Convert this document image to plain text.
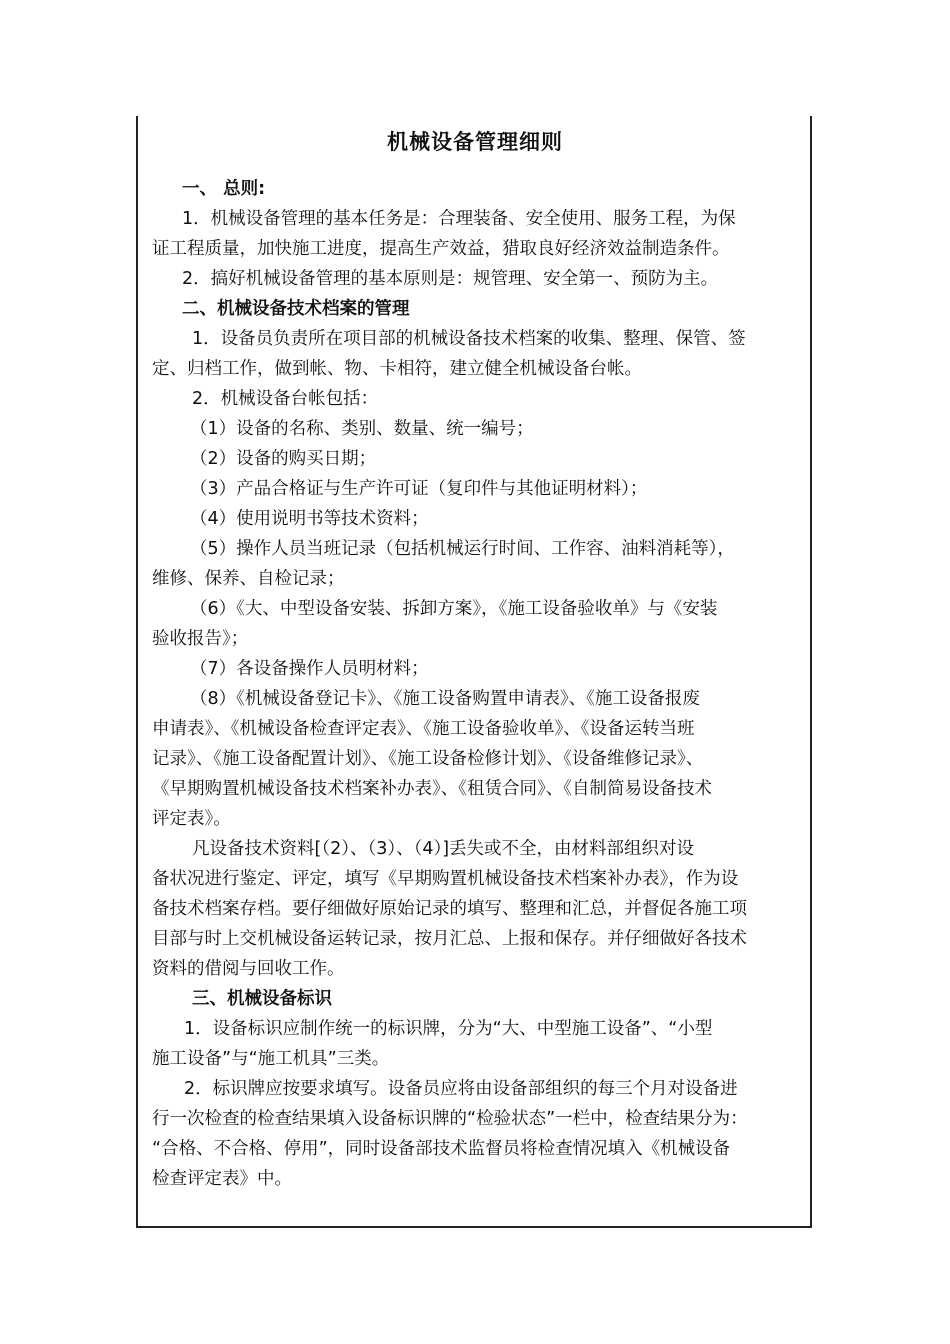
机械设备管理细则
一、 总则:
1．机械设备管理的基本任务是：合理装备、安全使用、服务工程，为保
证工程质量，加快施工进度，提高生产效益，猎取良好经济效益制造条件。
2．搞好机械设备管理的基本原则是：规管理、安全第一、预防为主。
二、机械设备技术档案的管理
1．设备员负责所在项目部的机械设备技术档案的收集、整理、保管、签
定、归档工作，做到帐、物、卡相符，建立健全机械设备台帐。
2．机械设备台帐包括：
（1）设备的名称、类别、数量、统一编号；
（2）设备的购买日期；
（3）产品合格证与生产许可证（复印件与其他证明材料）；
（4）使用说明书等技术资料；
（5）操作人员当班记录（包括机械运行时间、工作容、油料消耗等），
维修、保养、自检记录；
（6）《大、中型设备安装、拆卸方案》，《施工设备验收单》与《安装
验收报告》；
（7）各设备操作人员明材料；
（8）《机械设备登记卡》、《施工设备购置申请表》、《施工设备报废
申请表》、《机械设备检查评定表》、《施工设备验收单》、《设备运转当班
记录》、《施工设备配置计划》、《施工设备检修计划》、《设备维修记录》、
《早期购置机械设备技术档案补办表》、《租赁合同》、《自制简易设备技术
评定表》。
凡设备技术资料[（2）、（3）、（4）]丢失或不全，由材料部组织对设
备状况进行鉴定、评定，填写《早期购置机械设备技术档案补办表》，作为设
备技术档案存档。要仔细做好原始记录的填写、整理和汇总，并督促各施工项
目部与时上交机械设备运转记录，按月汇总、上报和保存。并仔细做好各技术
资料的借阅与回收工作。
三、机械设备标识
1．设备标识应制作统一的标识牌，分为“大、中型施工设备”、“小型
施工设备”与“施工机具”三类。
2．标识牌应按要求填写。设备员应将由设备部组织的每三个月对设备进
行一次检查的检查结果填入设备标识牌的“检验状态”一栏中，检查结果分为：
“合格、不合格、停用”，同时设备部技术监督员将检查情况填入《机械设备
检查评定表》中。
